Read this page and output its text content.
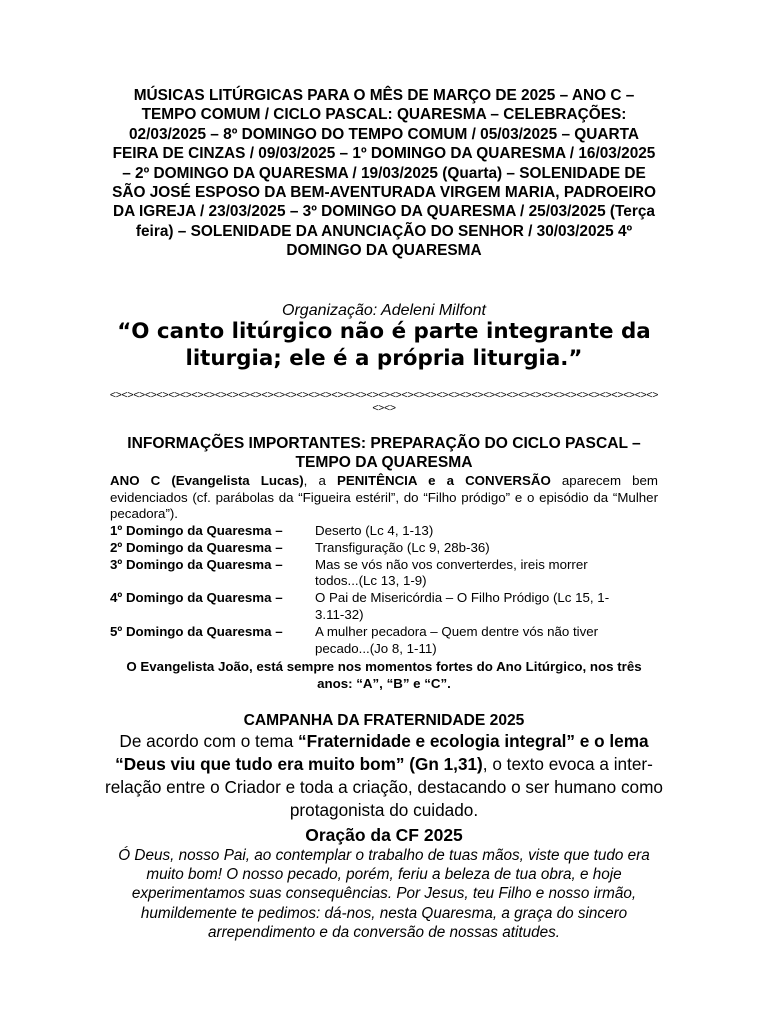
MÚSICAS LITÚRGICAS PARA O MÊS DE MARÇO DE 2025 – ANO C – TEMPO COMUM / CICLO PASCAL: QUARESMA – CELEBRAÇÕES: 02/03/2025 – 8º DOMINGO DO TEMPO COMUM / 05/03/2025 – QUARTA FEIRA DE CINZAS / 09/03/2025 – 1º DOMINGO DA QUARESMA / 16/03/2025 – 2º DOMINGO DA QUARESMA / 19/03/2025 (Quarta) – SOLENIDADE DE SÃO JOSÉ ESPOSO DA BEM-AVENTURADA VIRGEM MARIA, PADROEIRO DA IGREJA / 23/03/2025 – 3º DOMINGO DA QUARESMA / 25/03/2025 (Terça feira) – SOLENIDADE DA ANUNCIAÇÃO DO SENHOR / 30/03/2025 4º DOMINGO DA QUARESMA
Organização: Adeleni Milfont
“O canto litúrgico não é parte integrante da liturgia; ele é a própria liturgia.”
<><><><><><><><><><><><><><><><><><><><><><><><><><><><><><><><><><><><><><><><><><><><><><><><><>
INFORMAÇÕES IMPORTANTES: PREPARAÇÃO DO CICLO PASCAL – TEMPO DA QUARESMA
ANO C (Evangelista Lucas), a PENITÊNCIA e a CONVERSÃO aparecem bem evidenciados (cf. parábolas da “Figueira estéril”, do “Filho pródigo” e o episódio da “Mulher pecadora”).
1º Domingo da Quaresma –	Deserto (Lc 4, 1-13)
2º Domingo da Quaresma –	Transfiguração (Lc 9, 28b-36)
3º Domingo da Quaresma –	Mas se vós não vos converterdes, ireis morrer
todos...(Lc 13, 1-9)
4º Domingo da Quaresma –	O Pai de Misericórdia – O Filho Pródigo (Lc 15, 1-
3.11-32)
5º Domingo da Quaresma –	A mulher pecadora – Quem dentre vós não tiver
pecado...(Jo 8, 1-11)
O Evangelista João, está sempre nos momentos fortes do Ano Litúrgico, nos três anos: “A”, “B” e “C”.
CAMPANHA DA FRATERNIDADE 2025
De acordo com o tema “Fraternidade e ecologia integral” e o lema “Deus viu que tudo era muito bom” (Gn 1,31), o texto evoca a inter-relação entre o Criador e toda a criação, destacando o ser humano como protagonista do cuidado.
Oração da CF 2025
Ó Deus, nosso Pai, ao contemplar o trabalho de tuas mãos, viste que tudo era muito bom! O nosso pecado, porém, feriu a beleza de tua obra, e hoje experimentamos suas consequências. Por Jesus, teu Filho e nosso irmão, humildemente te pedimos: dá-nos, nesta Quaresma, a graça do sincero arrependimento e da conversão de nossas atitudes.
